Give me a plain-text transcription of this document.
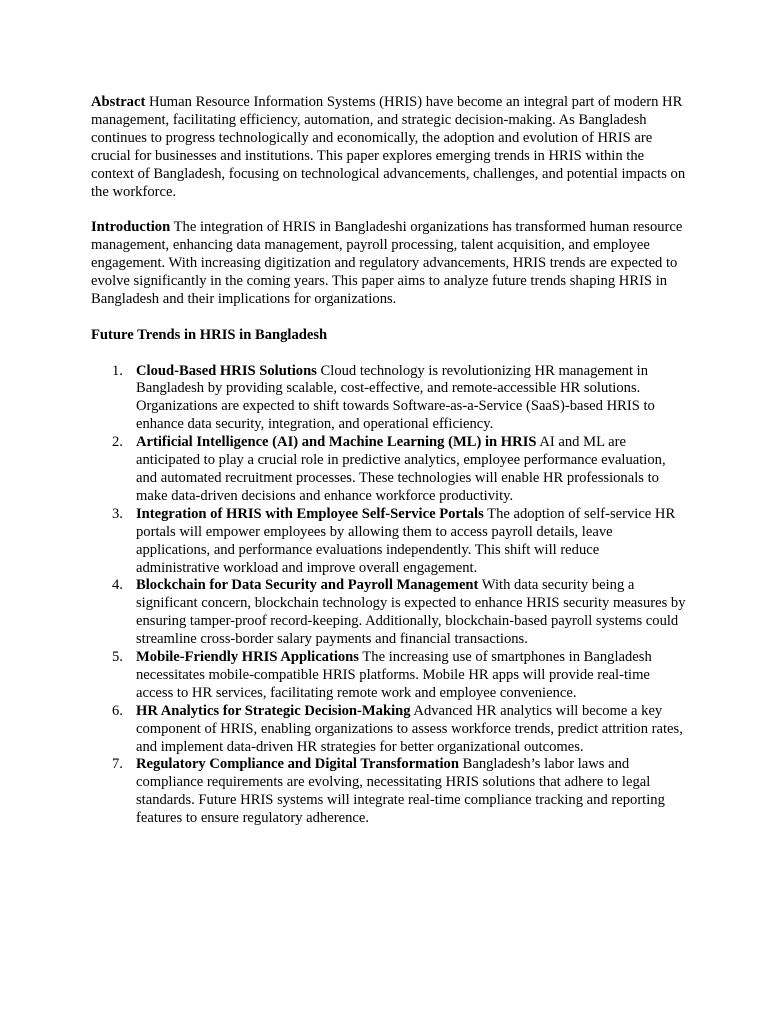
Abstract Human Resource Information Systems (HRIS) have become an integral part of modern HR management, facilitating efficiency, automation, and strategic decision-making. As Bangladesh continues to progress technologically and economically, the adoption and evolution of HRIS are crucial for businesses and institutions. This paper explores emerging trends in HRIS within the context of Bangladesh, focusing on technological advancements, challenges, and potential impacts on the workforce.

Introduction The integration of HRIS in Bangladeshi organizations has transformed human resource management, enhancing data management, payroll processing, talent acquisition, and employee engagement. With increasing digitization and regulatory advancements, HRIS trends are expected to evolve significantly in the coming years. This paper aims to analyze future trends shaping HRIS in Bangladesh and their implications for organizations.

Future Trends in HRIS in Bangladesh

1. Cloud-Based HRIS Solutions Cloud technology is revolutionizing HR management in Bangladesh by providing scalable, cost-effective, and remote-accessible HR solutions. Organizations are expected to shift towards Software-as-a-Service (SaaS)-based HRIS to enhance data security, integration, and operational efficiency.
2. Artificial Intelligence (AI) and Machine Learning (ML) in HRIS AI and ML are anticipated to play a crucial role in predictive analytics, employee performance evaluation, and automated recruitment processes. These technologies will enable HR professionals to make data-driven decisions and enhance workforce productivity.
3. Integration of HRIS with Employee Self-Service Portals The adoption of self-service HR portals will empower employees by allowing them to access payroll details, leave applications, and performance evaluations independently. This shift will reduce administrative workload and improve overall engagement.
4. Blockchain for Data Security and Payroll Management With data security being a significant concern, blockchain technology is expected to enhance HRIS security measures by ensuring tamper-proof record-keeping. Additionally, blockchain-based payroll systems could streamline cross-border salary payments and financial transactions.
5. Mobile-Friendly HRIS Applications The increasing use of smartphones in Bangladesh necessitates mobile-compatible HRIS platforms. Mobile HR apps will provide real-time access to HR services, facilitating remote work and employee convenience.
6. HR Analytics for Strategic Decision-Making Advanced HR analytics will become a key component of HRIS, enabling organizations to assess workforce trends, predict attrition rates, and implement data-driven HR strategies for better organizational outcomes.
7. Regulatory Compliance and Digital Transformation Bangladesh’s labor laws and compliance requirements are evolving, necessitating HRIS solutions that adhere to legal standards. Future HRIS systems will integrate real-time compliance tracking and reporting features to ensure regulatory adherence.
